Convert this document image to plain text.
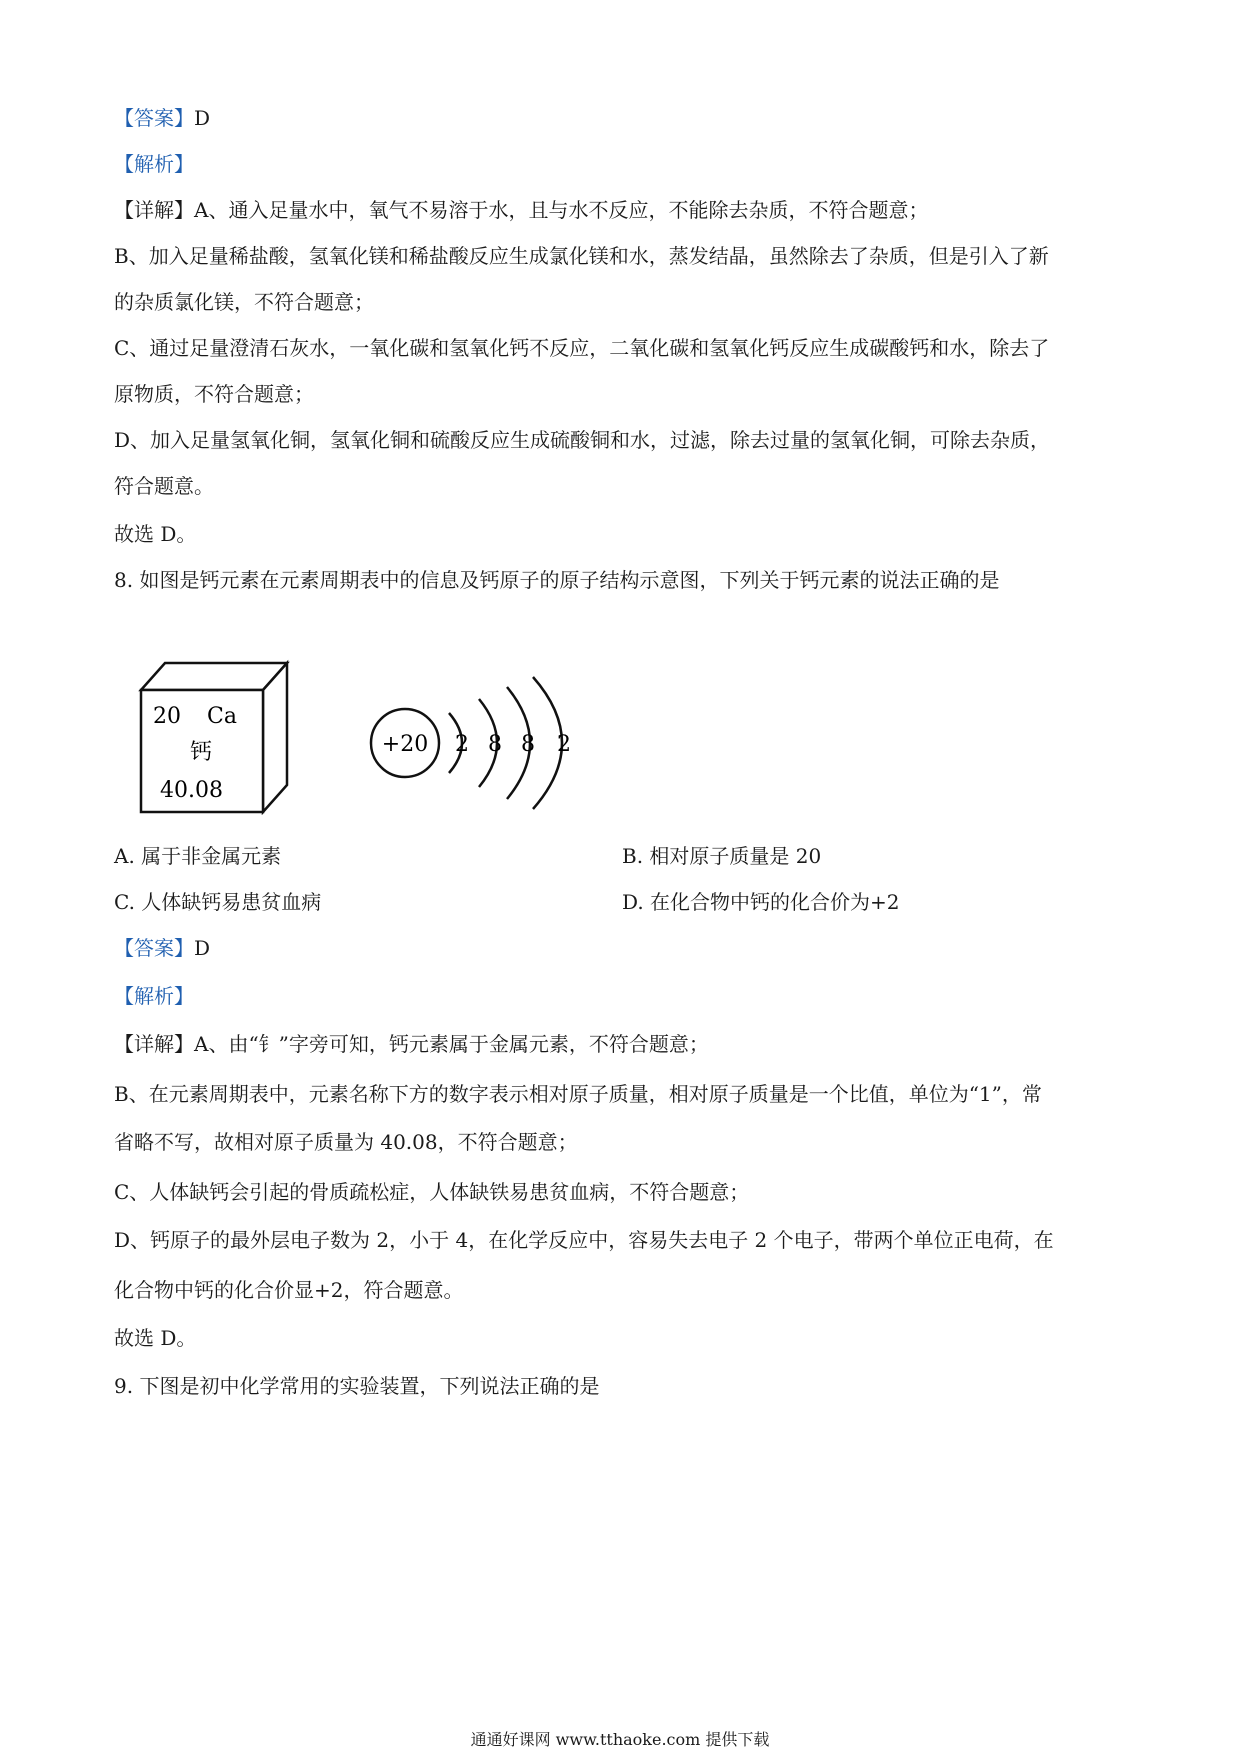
【答案】D
【解析】
【详解】A、通入足量水中，氧气不易溶于水，且与水不反应，不能除去杂质，不符合题意；
B、加入足量稀盐酸，氢氧化镁和稀盐酸反应生成氯化镁和水，蒸发结晶，虽然除去了杂质，但是引入了新
的杂质氯化镁，不符合题意；
C、通过足量澄清石灰水，一氧化碳和氢氧化钙不反应，二氧化碳和氢氧化钙反应生成碳酸钙和水，除去了
原物质，不符合题意；
D、加入足量氢氧化铜，氢氧化铜和硫酸反应生成硫酸铜和水，过滤，除去过量的氢氧化铜，可除去杂质，
符合题意。
故选 D。
8. 如图是钙元素在元素周期表中的信息及钙原子的原子结构示意图，下列关于钙元素的说法正确的是
20 Ca
钙
40.08
+20 2 8 8 2
A. 属于非金属元素	B. 相对原子质量是 20
C. 人体缺钙易患贫血病	D. 在化合物中钙的化合价为+2
【答案】D
【解析】
【详解】A、由“钅”字旁可知，钙元素属于金属元素，不符合题意；
B、在元素周期表中，元素名称下方的数字表示相对原子质量，相对原子质量是一个比值，单位为“1”，常
省略不写，故相对原子质量为 40.08，不符合题意；
C、人体缺钙会引起的骨质疏松症，人体缺铁易患贫血病，不符合题意；
D、钙原子的最外层电子数为 2，小于 4，在化学反应中，容易失去电子 2 个电子，带两个单位正电荷，在
化合物中钙的化合价显+2，符合题意。
故选 D。
9. 下图是初中化学常用的实验装置，下列说法正确的是
通通好课网 www.tthaoke.com 提供下载
